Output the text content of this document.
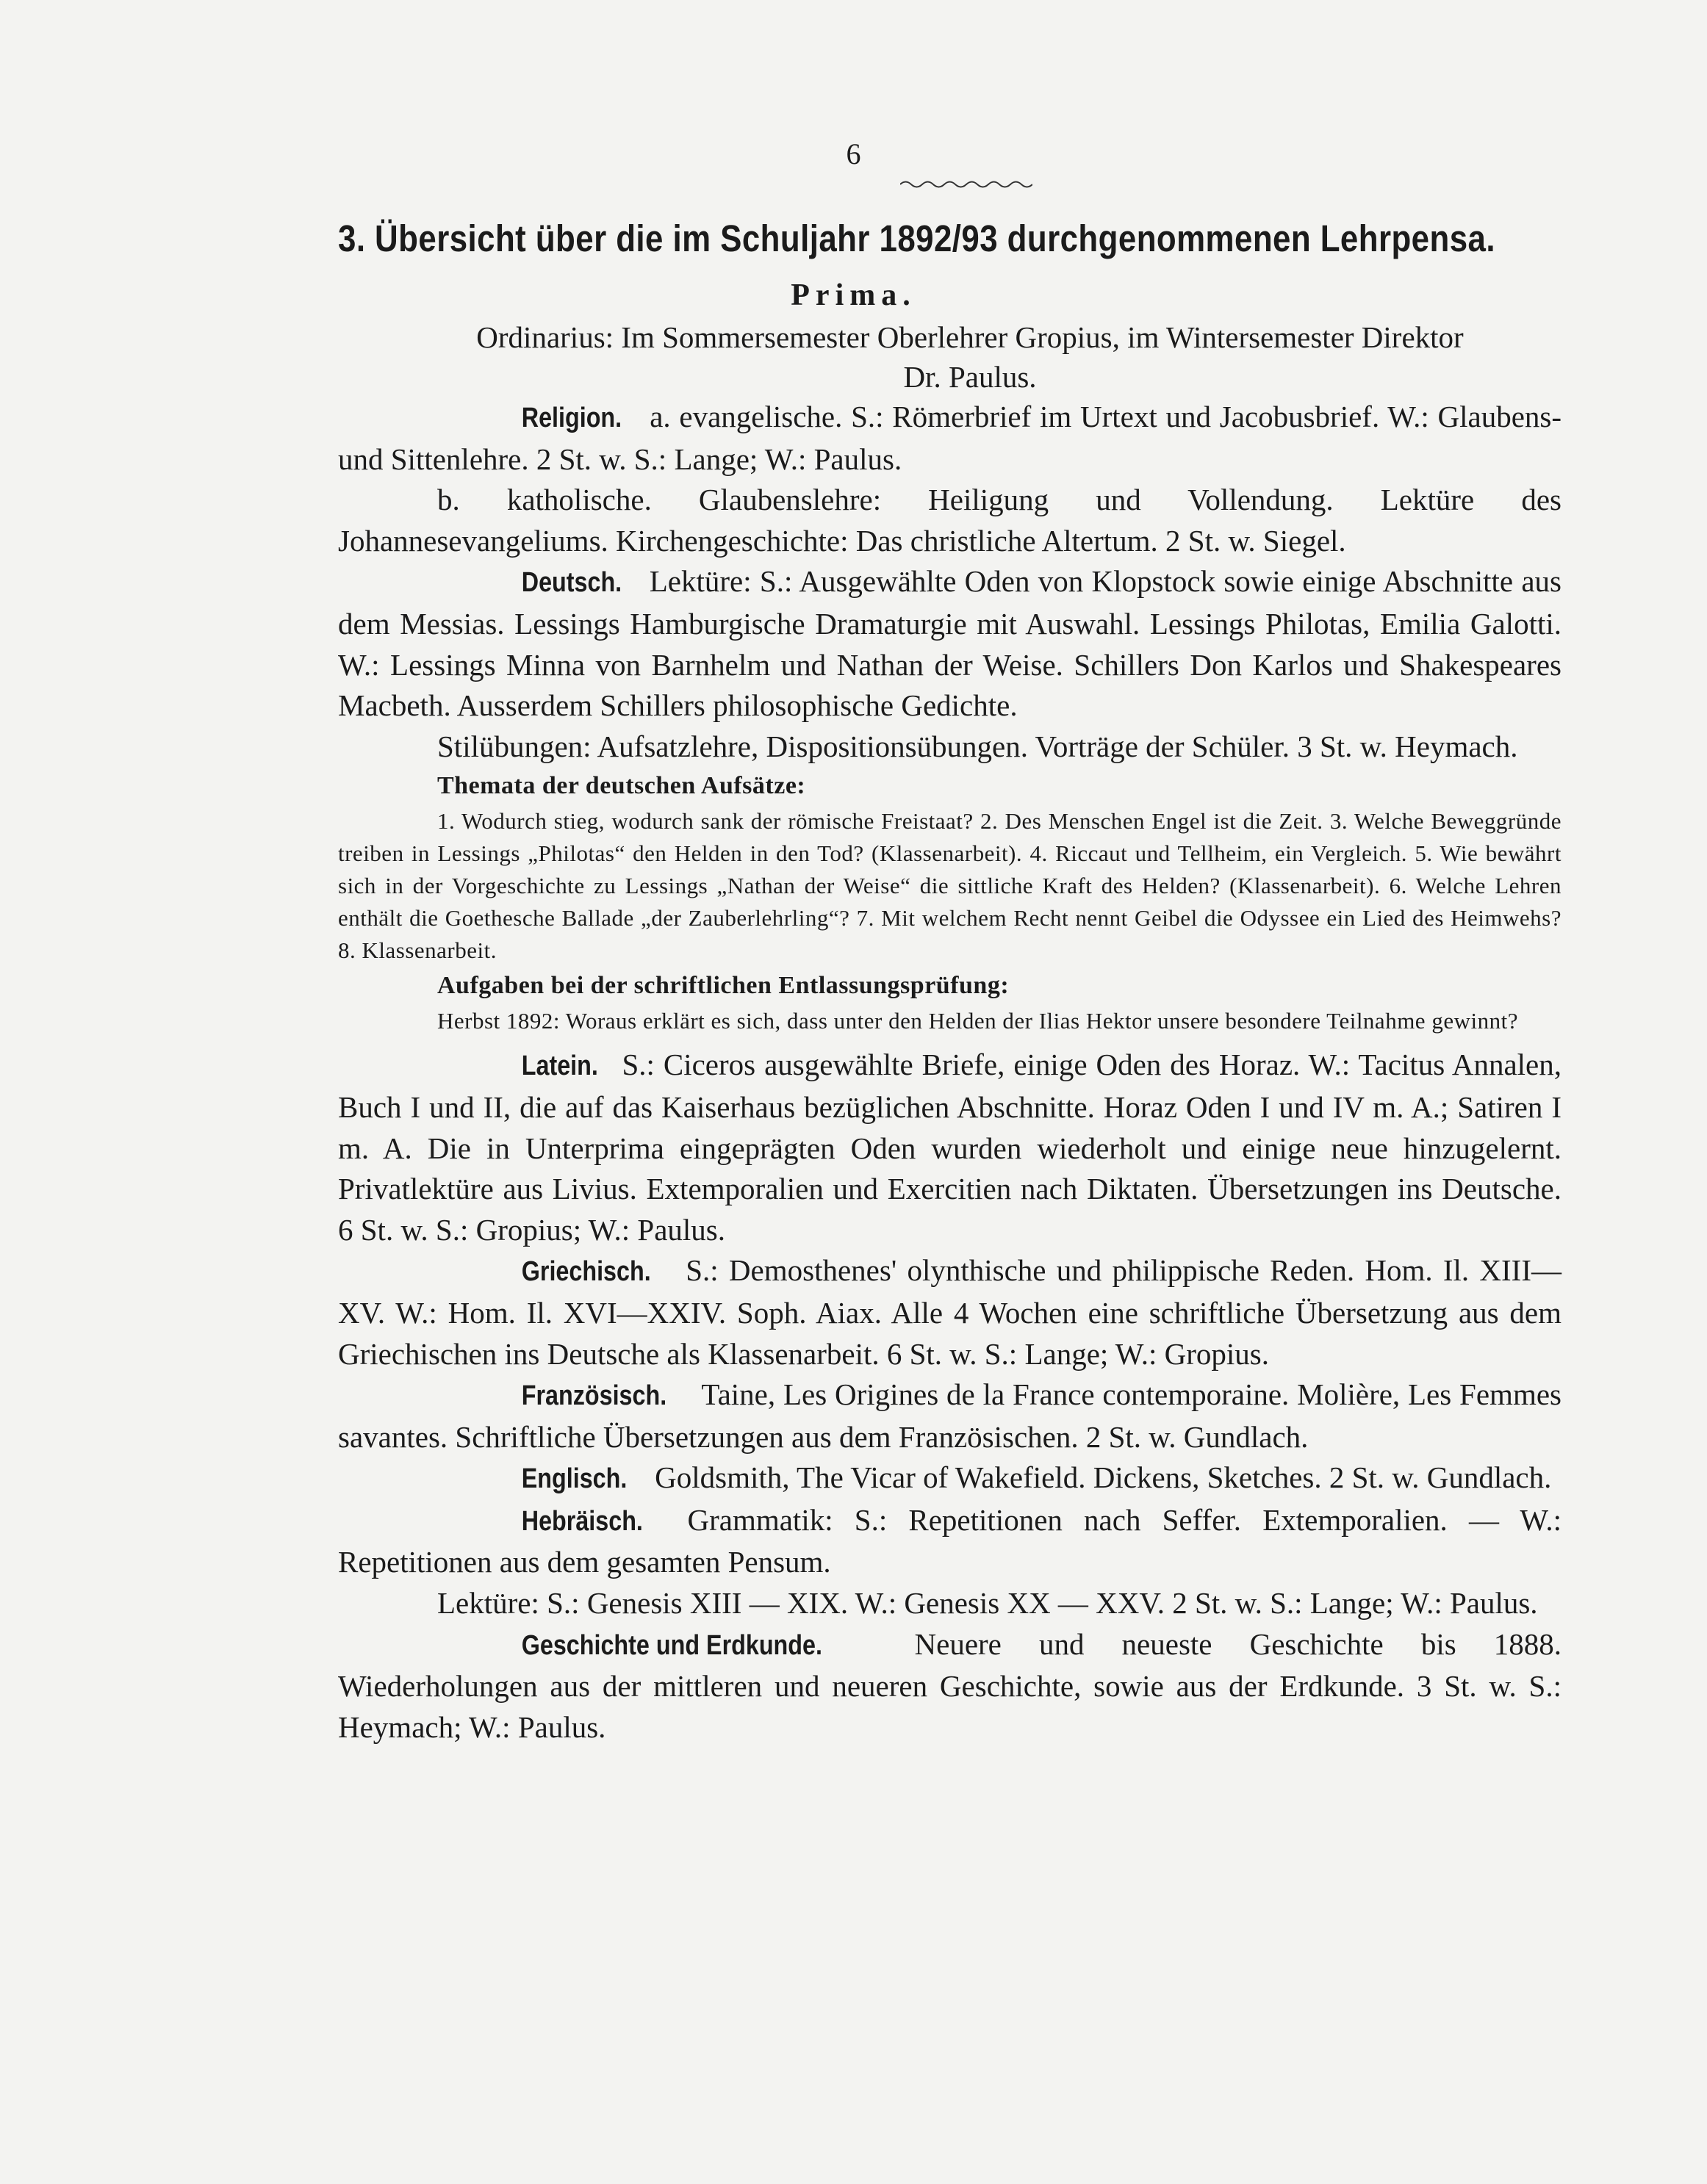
6
3. Übersicht über die im Schuljahr 1892/93 durchgenommenen Lehrpensa.
Prima.
Ordinarius: Im Sommersemester Oberlehrer Gropius, im Wintersemester Direktor
Dr. Paulus.

Religion. a. evangelische. S.: Römerbrief im Urtext und Jacobusbrief. W.: Glaubens- und Sittenlehre. 2 St. w. S.: Lange; W.: Paulus.

b. katholische. Glaubenslehre: Heiligung und Vollendung. Lektüre des Johannesevangeliums. Kirchengeschichte: Das christliche Altertum. 2 St. w. Siegel.

Deutsch. Lektüre: S.: Ausgewählte Oden von Klopstock sowie einige Abschnitte aus dem Messias. Lessings Hamburgische Dramaturgie mit Auswahl. Lessings Philotas, Emilia Galotti. W.: Lessings Minna von Barnhelm und Nathan der Weise. Schillers Don Karlos und Shakespeares Macbeth. Ausserdem Schillers philosophische Gedichte.

Stilübungen: Aufsatzlehre, Dispositionsübungen. Vorträge der Schüler. 3 St. w. Heymach.

Themata der deutschen Aufsätze:

1. Wodurch stieg, wodurch sank der römische Freistaat? 2. Des Menschen Engel ist die Zeit. 3. Welche Beweggründe treiben in Lessings „Philotas“ den Helden in den Tod? (Klassenarbeit). 4. Riccaut und Tellheim, ein Vergleich. 5. Wie bewährt sich in der Vorgeschichte zu Lessings „Nathan der Weise“ die sittliche Kraft des Helden? (Klassenarbeit). 6. Welche Lehren enthält die Goethesche Ballade „der Zauberlehrling“? 7. Mit welchem Recht nennt Geibel die Odyssee ein Lied des Heimwehs? 8. Klassenarbeit.

Aufgaben bei der schriftlichen Entlassungsprüfung:

Herbst 1892: Woraus erklärt es sich, dass unter den Helden der Ilias Hektor unsere besondere Teilnahme gewinnt?

Latein. S.: Ciceros ausgewählte Briefe, einige Oden des Horaz. W.: Tacitus Annalen, Buch I und II, die auf das Kaiserhaus bezüglichen Abschnitte. Horaz Oden I und IV m. A.; Satiren I m. A. Die in Unterprima eingeprägten Oden wurden wiederholt und einige neue hinzugelernt. Privatlektüre aus Livius. Extemporalien und Exercitien nach Diktaten. Übersetzungen ins Deutsche. 6 St. w. S.: Gropius; W.: Paulus.

Griechisch. S.: Demosthenes' olynthische und philippische Reden. Hom. Il. XIII—XV. W.: Hom. Il. XVI—XXIV. Soph. Aiax. Alle 4 Wochen eine schriftliche Übersetzung aus dem Griechischen ins Deutsche als Klassenarbeit. 6 St. w. S.: Lange; W.: Gropius.

Französisch. Taine, Les Origines de la France contemporaine. Molière, Les Femmes savantes. Schriftliche Übersetzungen aus dem Französischen. 2 St. w. Gundlach.

Englisch. Goldsmith, The Vicar of Wakefield. Dickens, Sketches. 2 St. w. Gundlach.

Hebräisch. Grammatik: S.: Repetitionen nach Seffer. Extemporalien. — W.: Repetitionen aus dem gesamten Pensum.

Lektüre: S.: Genesis XIII — XIX. W.: Genesis XX — XXV. 2 St. w. S.: Lange; W.: Paulus.

Geschichte und Erdkunde.	Neuere und neueste Geschichte bis 1888. Wiederholungen aus der mittleren und neueren Geschichte, sowie aus der Erdkunde. 3 St. w. S.: Heymach; W.: Paulus.
